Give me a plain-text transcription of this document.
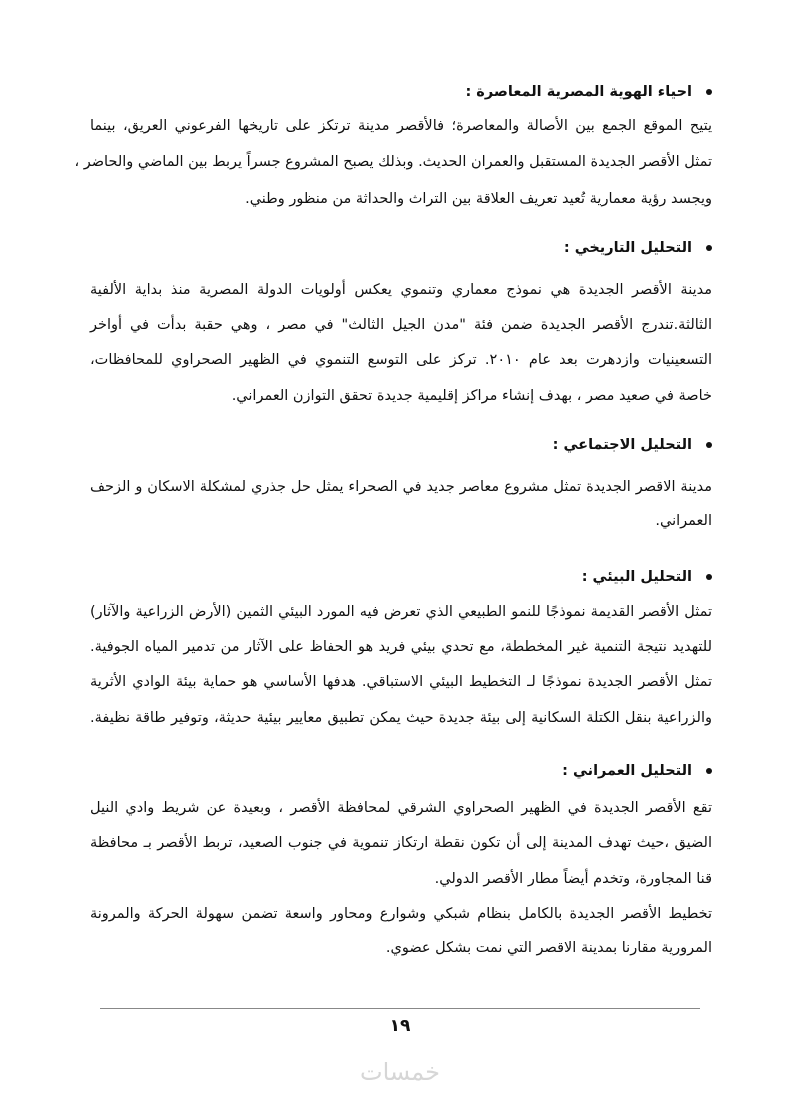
احياء الهوية المصرية المعاصرة :
يتيح الموقع الجمع بين الأصالة والمعاصرة؛ فالأقصر مدينة ترتكز على تاريخها الفرعوني العريق، بينما
تمثل الأقصر الجديدة المستقبل والعمران الحديث. وبذلك يصبح المشروع جسراً يربط بين الماضي والحاضر ،
ويجسد رؤية معمارية تُعيد تعريف العلاقة بين التراث والحداثة من منظور وطني.
التحليل التاريخي :
مدينة الأقصر الجديدة هي نموذج معماري وتنموي يعكس أولويات الدولة المصرية منذ بداية الألفية
الثالثة.تندرج الأقصر الجديدة ضمن فئة "مدن الجيل الثالث" في مصر ، وهي حقبة بدأت في أواخر
التسعينيات وازدهرت بعد عام ٢٠١٠. تركز على التوسع التنموي في الظهير الصحراوي للمحافظات،
خاصة في صعيد مصر ، بهدف إنشاء مراكز إقليمية جديدة تحقق التوازن العمراني.
التحليل الاجتماعي :
مدينة الاقصر الجديدة تمثل مشروع معاصر جديد في الصحراء يمثل حل جذري لمشكلة الاسكان و الزحف
العمراني.
التحليل البيئي :
تمثل الأقصر القديمة نموذجًا للنمو الطبيعي الذي تعرض فيه المورد البيئي الثمين (الأرض الزراعية والآثار)
للتهديد نتيجة التنمية غير المخططة، مع تحدي بيئي فريد هو الحفاظ على الآثار من تدمير المياه الجوفية.
تمثل الأقصر الجديدة نموذجًا لـ التخطيط البيئي الاستباقي. هدفها الأساسي هو حماية بيئة الوادي الأثرية
والزراعية بنقل الكتلة السكانية إلى بيئة جديدة حيث يمكن تطبيق معايير بيئية حديثة، وتوفير طاقة نظيفة.
التحليل العمراني :
تقع الأقصر الجديدة في الظهير الصحراوي الشرقي لمحافظة الأقصر ، وبعيدة عن شريط وادي النيل
الضيق ،حيث تهدف المدينة إلى أن تكون نقطة ارتكاز تنموية في جنوب الصعيد، تربط الأقصر بـ محافظة
قنا المجاورة، وتخدم أيضاً مطار الأقصر الدولي.
تخطيط الأقصر الجديدة بالكامل بنظام شبكي وشوارع ومحاور واسعة تضمن سهولة الحركة والمرونة
المرورية مقارنا بمدينة الاقصر التي نمت بشكل عضوي.
١٩
خمسات
